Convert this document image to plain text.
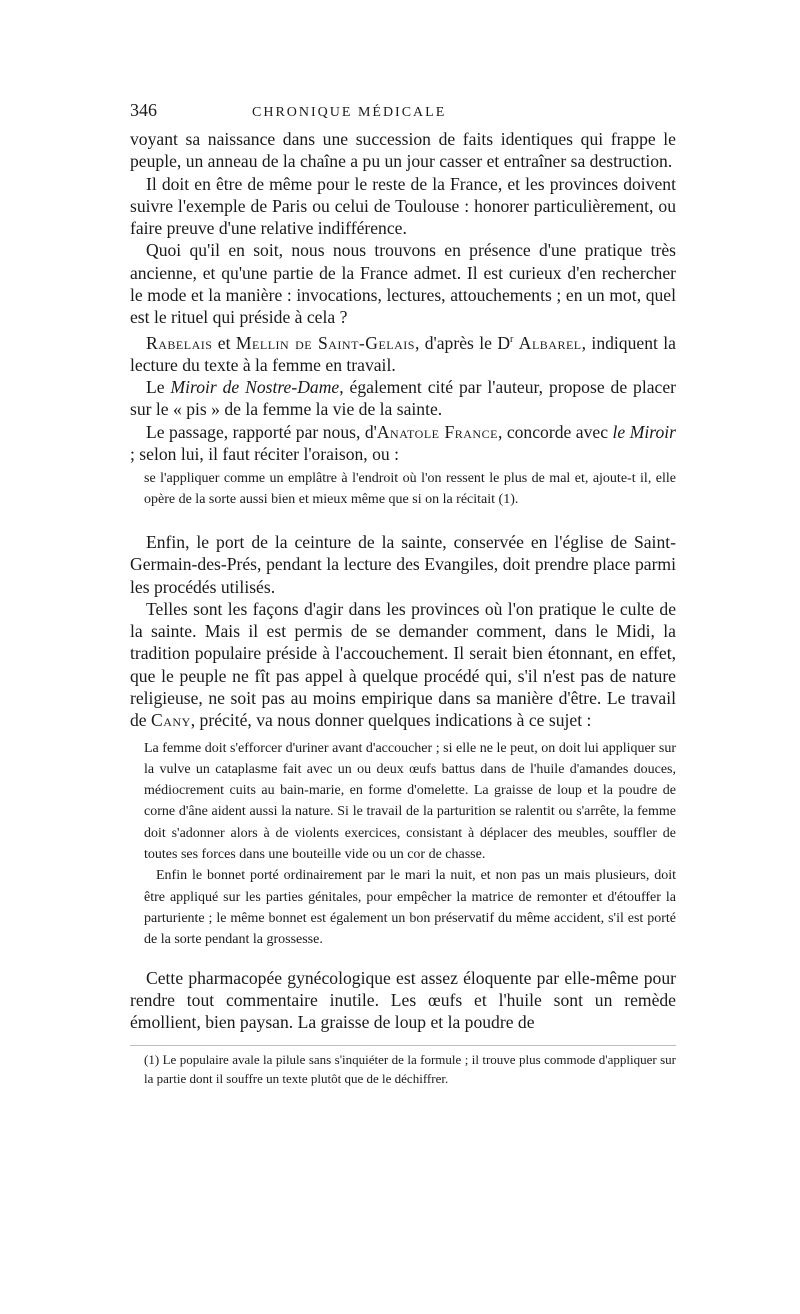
346	CHRONIQUE MÉDICALE

voyant sa naissance dans une succession de faits identiques qui frappe le peuple, un anneau de la chaîne a pu un jour casser et entraîner sa destruction.

Il doit en être de même pour le reste de la France, et les provinces doivent suivre l'exemple de Paris ou celui de Toulouse : honorer particulièrement, ou faire preuve d'une relative indifférence.

Quoi qu'il en soit, nous nous trouvons en présence d'une pratique très ancienne, et qu'une partie de la France admet. Il est curieux d'en rechercher le mode et la manière : invocations, lectures, attouchements ; en un mot, quel est le rituel qui préside à cela ?

Rabelais et Mellin de Saint-Gelais, d'après le $D^r$ Albarel, indiquent la lecture du texte à la femme en travail.

Le Miroir de Nostre-Dame, également cité par l'auteur, propose de placer sur le « pis » de la femme la vie de la sainte.

Le passage, rapporté par nous, d'Anatole France, concorde avec le Miroir ; selon lui, il faut réciter l'oraison, ou :

se l'appliquer comme un emplâtre à l'endroit où l'on ressent le plus de mal et, ajoute-t il, elle opère de la sorte aussi bien et mieux même que si on la récitait (1).

Enfin, le port de la ceinture de la sainte, conservée en l'église de Saint-Germain-des-Prés, pendant la lecture des Evangiles, doit prendre place parmi les procédés utilisés.

Telles sont les façons d'agir dans les provinces où l'on pratique le culte de la sainte. Mais il est permis de se demander comment, dans le Midi, la tradition populaire préside à l'accouchement. Il serait bien étonnant, en effet, que le peuple ne fît pas appel à quelque procédé qui, s'il n'est pas de nature religieuse, ne soit pas au moins empirique dans sa manière d'être. Le travail de Cany, précité, va nous donner quelques indications à ce sujet :

La femme doit s'efforcer d'uriner avant d'accoucher ; si elle ne le peut, on doit lui appliquer sur la vulve un cataplasme fait avec un ou deux œufs battus dans de l'huile d'amandes douces, médiocrement cuits au bain-marie, en forme d'omelette. La graisse de loup et la poudre de corne d'âne aident aussi la nature. Si le travail de la parturition se ralentit ou s'arrête, la femme doit s'adonner alors à de violents exercices, consistant à déplacer des meubles, souffler de toutes ses forces dans une bouteille vide ou un cor de chasse.

Enfin le bonnet porté ordinairement par le mari la nuit, et non pas un mais plusieurs, doit être appliqué sur les parties génitales, pour empêcher la matrice de remonter et d'étouffer la parturiente ; le même bonnet est également un bon préservatif du même accident, s'il est porté de la sorte pendant la grossesse.

Cette pharmacopée gynécologique est assez éloquente par elle-même pour rendre tout commentaire inutile. Les œufs et l'huile sont un remède émollient, bien paysan. La graisse de loup et la poudre de

(1) Le populaire avale la pilule sans s'inquiéter de la formule ; il trouve plus commode d'appliquer sur la partie dont il souffre un texte plutôt que de le déchiffrer.
